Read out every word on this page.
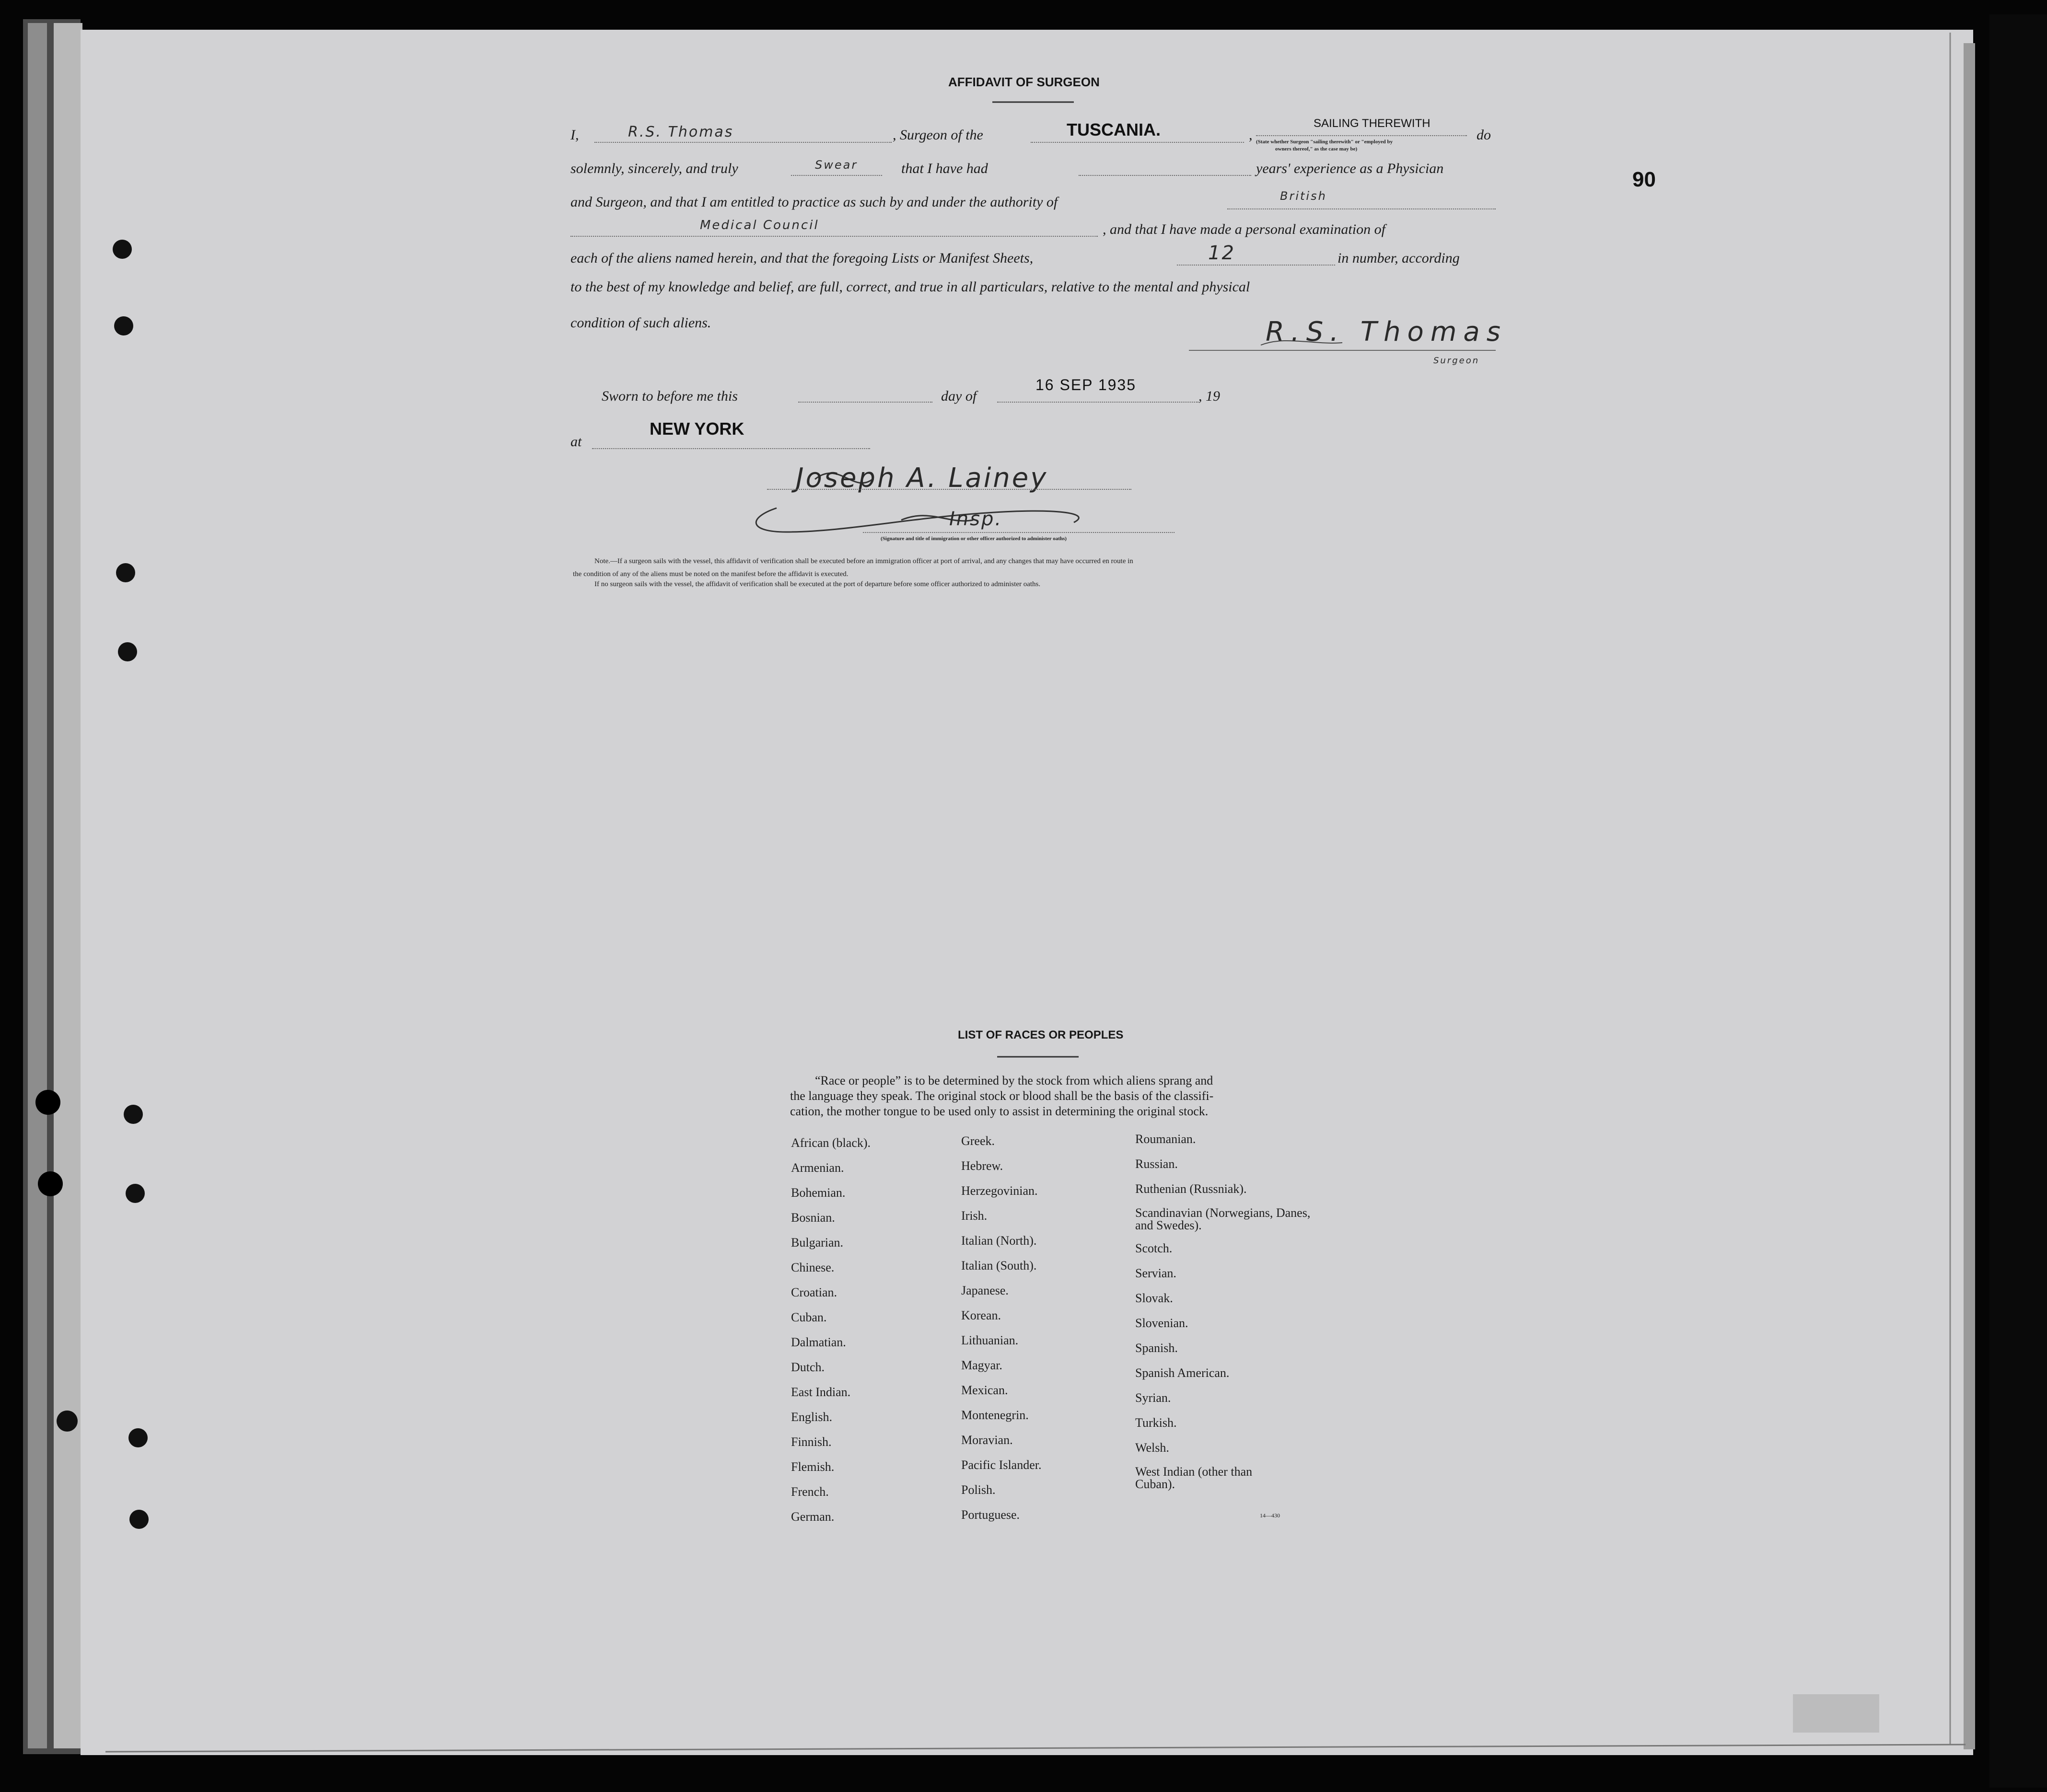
AFFIDAVIT OF SURGEON
I,	R.S. Thomas	, Surgeon of the	TUSCANIA.	,
SAILING THEREWITH
(State whether Surgeon "sailing therewith" or "employed by
owners thereof," as the case may be)
do
solemnly, sincerely, and truly	Swear	that I have had	years' experience as a Physician
and Surgeon, and that I am entitled to practice as such by and under the authority of	British
Medical Council	, and that I have made a personal examination of
each of the aliens named herein, and that the foregoing Lists or Manifest Sheets,	12	in number, according
to the best of my knowledge and belief, are full, correct, and true in all particulars, relative to the mental and physical
condition of such aliens.	R.S. Thomas
Surgeon
Sworn to before me this	day of
16 SEP 1935
, 19
at
NEW YORK
Joseph A. Lainey
Insp.
(Signature and title of immigration or other officer authorized to administer oaths)
Note.—If a surgeon sails with the vessel, this affidavit of verification shall be executed before an immigration officer at port of arrival, and any changes that may have occurred en route in
the condition of any of the aliens must be noted on the manifest before the affidavit is executed.
If no surgeon sails with the vessel, the affidavit of verification shall be executed at the port of departure before some officer authorized to administer oaths.
90
LIST OF RACES OR PEOPLES
“Race or people” is to be determined by the stock from which aliens sprang and
the language they speak. The original stock or blood shall be the basis of the classifi-
cation, the mother tongue to be used only to assist in determining the original stock.
African (black).
Armenian.
Bohemian.
Bosnian.
Bulgarian.
Chinese.
Croatian.
Cuban.
Dalmatian.
Dutch.
East Indian.
English.
Finnish.
Flemish.
French.
German.
Greek.
Hebrew.
Herzegovinian.
Irish.
Italian (North).
Italian (South).
Japanese.
Korean.
Lithuanian.
Magyar.
Mexican.
Montenegrin.
Moravian.
Pacific Islander.
Polish.
Portuguese.
Roumanian.
Russian.
Ruthenian (Russniak).
Scandinavian (Norwegians, Danes, and Swedes).
Scotch.
Servian.
Slovak.
Slovenian.
Spanish.
Spanish American.
Syrian.
Turkish.
Welsh.
West Indian (other than Cuban).
14—430
